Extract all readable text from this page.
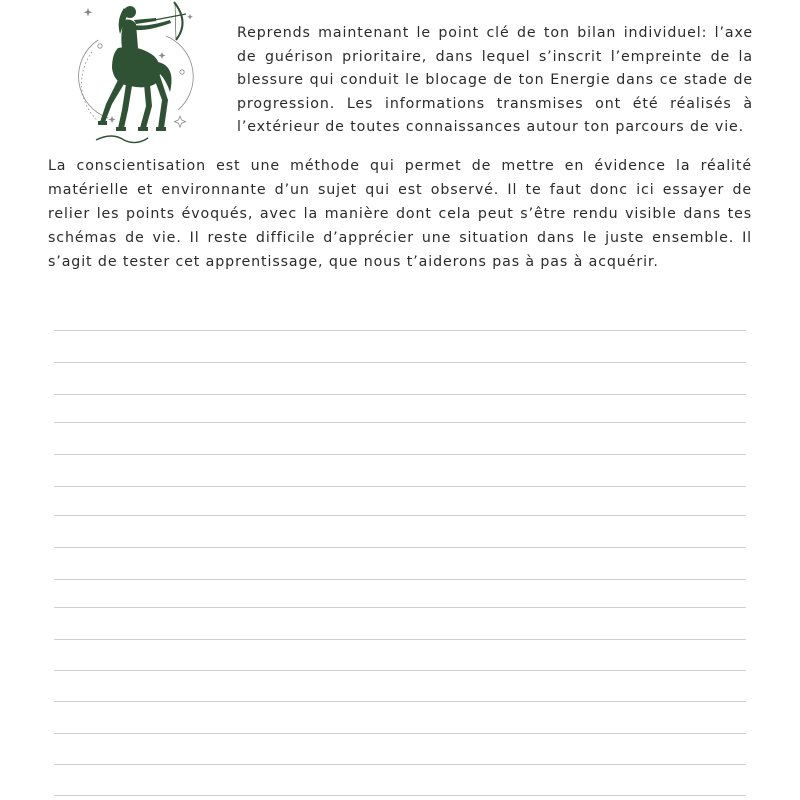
Reprends maintenant le point clé de ton bilan individuel: l’axe de guérison prioritaire, dans lequel s’inscrit l’empreinte de la blessure qui conduit le blocage de ton Energie dans ce stade de progression. Les informations transmises ont été réalisés à l’extérieur de toutes connaissances autour ton parcours de vie.

La conscientisation est une méthode qui permet de mettre en évidence la réalité matérielle et environnante d’un sujet qui est observé. Il te faut donc ici essayer de relier les points évoqués, avec la manière dont cela peut s’être rendu visible dans tes schémas de vie. Il reste difficile d’apprécier une situation dans le juste ensemble. Il s’agit de tester cet apprentissage, que nous t’aiderons pas à pas à acquérir.
